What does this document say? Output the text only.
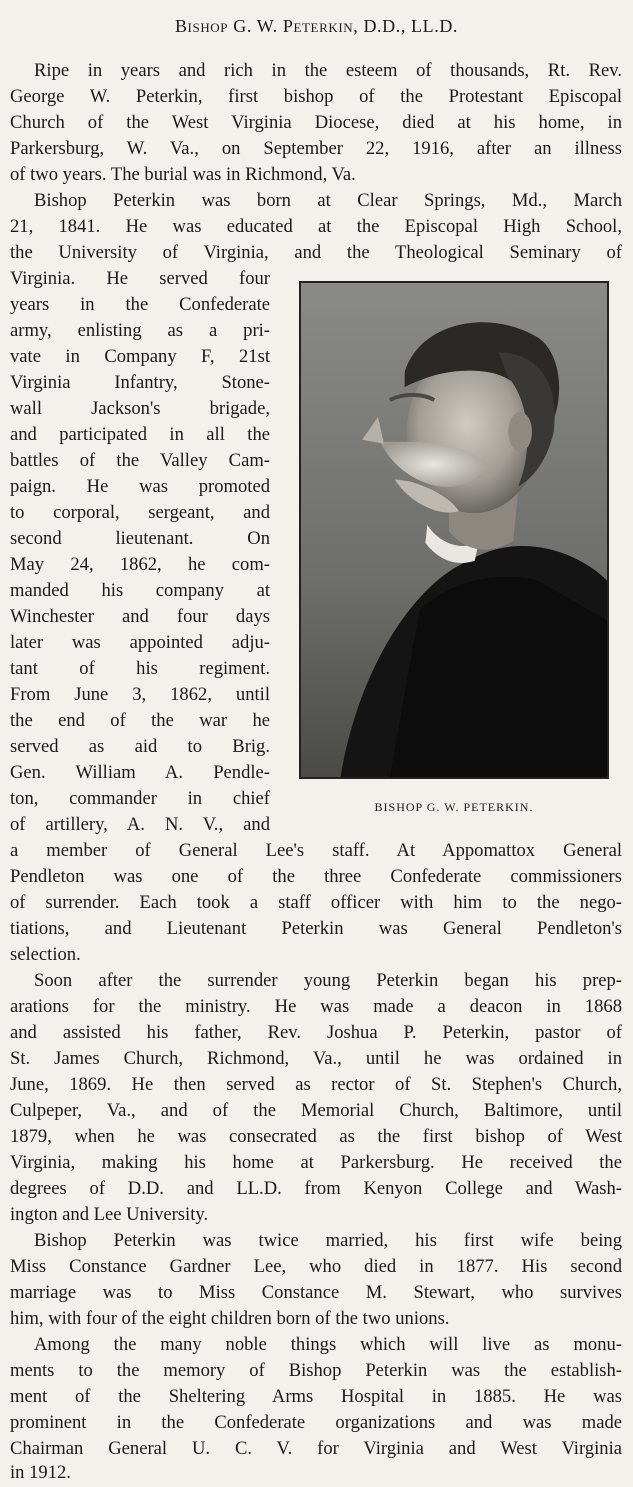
Bishop G. W. Peterkin, D.D., LL.D.
Ripe in years and rich in the esteem of thousands, Rt. Rev.
George W. Peterkin, first bishop of the Protestant Episcopal
Church of the West Virginia Diocese, died at his home, in
Parkersburg, W. Va., on September 22, 1916, after an illness
of two years. The burial was in Richmond, Va.
Bishop Peterkin was born at Clear Springs, Md., March
21, 1841. He was educated at the Episcopal High School,
the University of Virginia, and the Theological Seminary of
Virginia. He served four
years in the Confederate
army, enlisting as a pri-
vate in Company F, 21st
Virginia Infantry, Stone-
wall Jackson's brigade,
and participated in all the
battles of the Valley Cam-
paign. He was promoted
to corporal, sergeant, and
second lieutenant. On
May 24, 1862, he com-
manded his company at
Winchester and four days
later was appointed adju-
tant of his regiment.
From June 3, 1862, until
the end of the war he
served as aid to Brig.
Gen. William A. Pendle-
ton, commander in chief
of artillery, A. N. V., and
BISHOP G. W. PETERKIN.
a member of General Lee's staff. At Appomattox General
Pendleton was one of the three Confederate commissioners
of surrender. Each took a staff officer with him to the nego-
tiations, and Lieutenant Peterkin was General Pendleton's
selection.
Soon after the surrender young Peterkin began his prep-
arations for the ministry. He was made a deacon in 1868
and assisted his father, Rev. Joshua P. Peterkin, pastor of
St. James Church, Richmond, Va., until he was ordained in
June, 1869. He then served as rector of St. Stephen's Church,
Culpeper, Va., and of the Memorial Church, Baltimore, until
1879, when he was consecrated as the first bishop of West
Virginia, making his home at Parkersburg. He received the
degrees of D.D. and LL.D. from Kenyon College and Wash-
ington and Lee University.
Bishop Peterkin was twice married, his first wife being
Miss Constance Gardner Lee, who died in 1877. His second
marriage was to Miss Constance M. Stewart, who survives
him, with four of the eight children born of the two unions.
Among the many noble things which will live as monu-
ments to the memory of Bishop Peterkin was the establish-
ment of the Sheltering Arms Hospital in 1885. He was
prominent in the Confederate organizations and was made
Chairman General U. C. V. for Virginia and West Virginia
in 1912.
